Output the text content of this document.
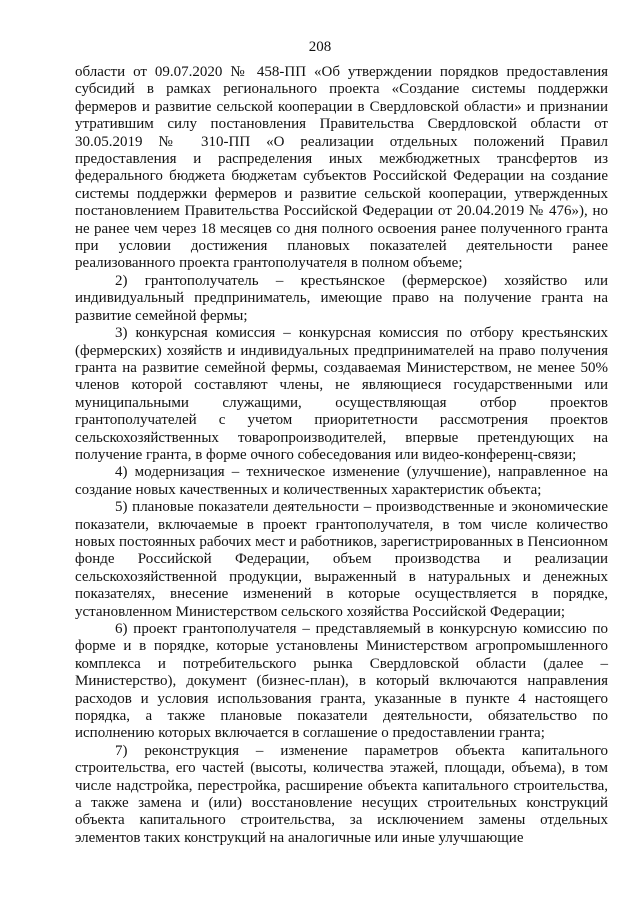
208

области от 09.07.2020 № 458-ПП «Об утверждении порядков предоставления субсидий в рамках регионального проекта «Создание системы поддержки фермеров и развитие сельской кооперации в Свердловской области» и признании утратившим силу постановления Правительства Свердловской области от 30.05.2019 № 310-ПП «О реализации отдельных положений Правил предоставления и распределения иных межбюджетных трансфертов из федерального бюджета бюджетам субъектов Российской Федерации на создание системы поддержки фермеров и развитие сельской кооперации, утвержденных постановлением Правительства Российской Федерации от 20.04.2019 № 476»), но не ранее чем через 18 месяцев со дня полного освоения ранее полученного гранта при условии достижения плановых показателей деятельности ранее реализованного проекта грантополучателя в полном объеме;

2) грантополучатель – крестьянское (фермерское) хозяйство или индивидуальный предприниматель, имеющие право на получение гранта на развитие семейной фермы;

3) конкурсная комиссия – конкурсная комиссия по отбору крестьянских (фермерских) хозяйств и индивидуальных предпринимателей на право получения гранта на развитие семейной фермы, создаваемая Министерством, не менее 50% членов которой составляют члены, не являющиеся государственными или муниципальными служащими, осуществляющая отбор проектов грантополучателей с учетом приоритетности рассмотрения проектов сельскохозяйственных товаропроизводителей, впервые претендующих на получение гранта, в форме очного собеседования или видео-конференц-связи;

4) модернизация – техническое изменение (улучшение), направленное на создание новых качественных и количественных характеристик объекта;

5) плановые показатели деятельности – производственные и экономические показатели, включаемые в проект грантополучателя, в том числе количество новых постоянных рабочих мест и работников, зарегистрированных в Пенсионном фонде Российской Федерации, объем производства и реализации сельскохозяйственной продукции, выраженный в натуральных и денежных показателях, внесение изменений в которые осуществляется в порядке, установленном Министерством сельского хозяйства Российской Федерации;

6) проект грантополучателя – представляемый в конкурсную комиссию по форме и в порядке, которые установлены Министерством агропромышленного комплекса и потребительского рынка Свердловской области (далее – Министерство), документ (бизнес-план), в который включаются направления расходов и условия использования гранта, указанные в пункте 4 настоящего порядка, а также плановые показатели деятельности, обязательство по исполнению которых включается в соглашение о предоставлении гранта;

7) реконструкция – изменение параметров объекта капитального строительства, его частей (высоты, количества этажей, площади, объема), в том числе надстройка, перестройка, расширение объекта капитального строительства, а также замена и (или) восстановление несущих строительных конструкций объекта капитального строительства, за исключением замены отдельных элементов таких конструкций на аналогичные или иные улучшающие
